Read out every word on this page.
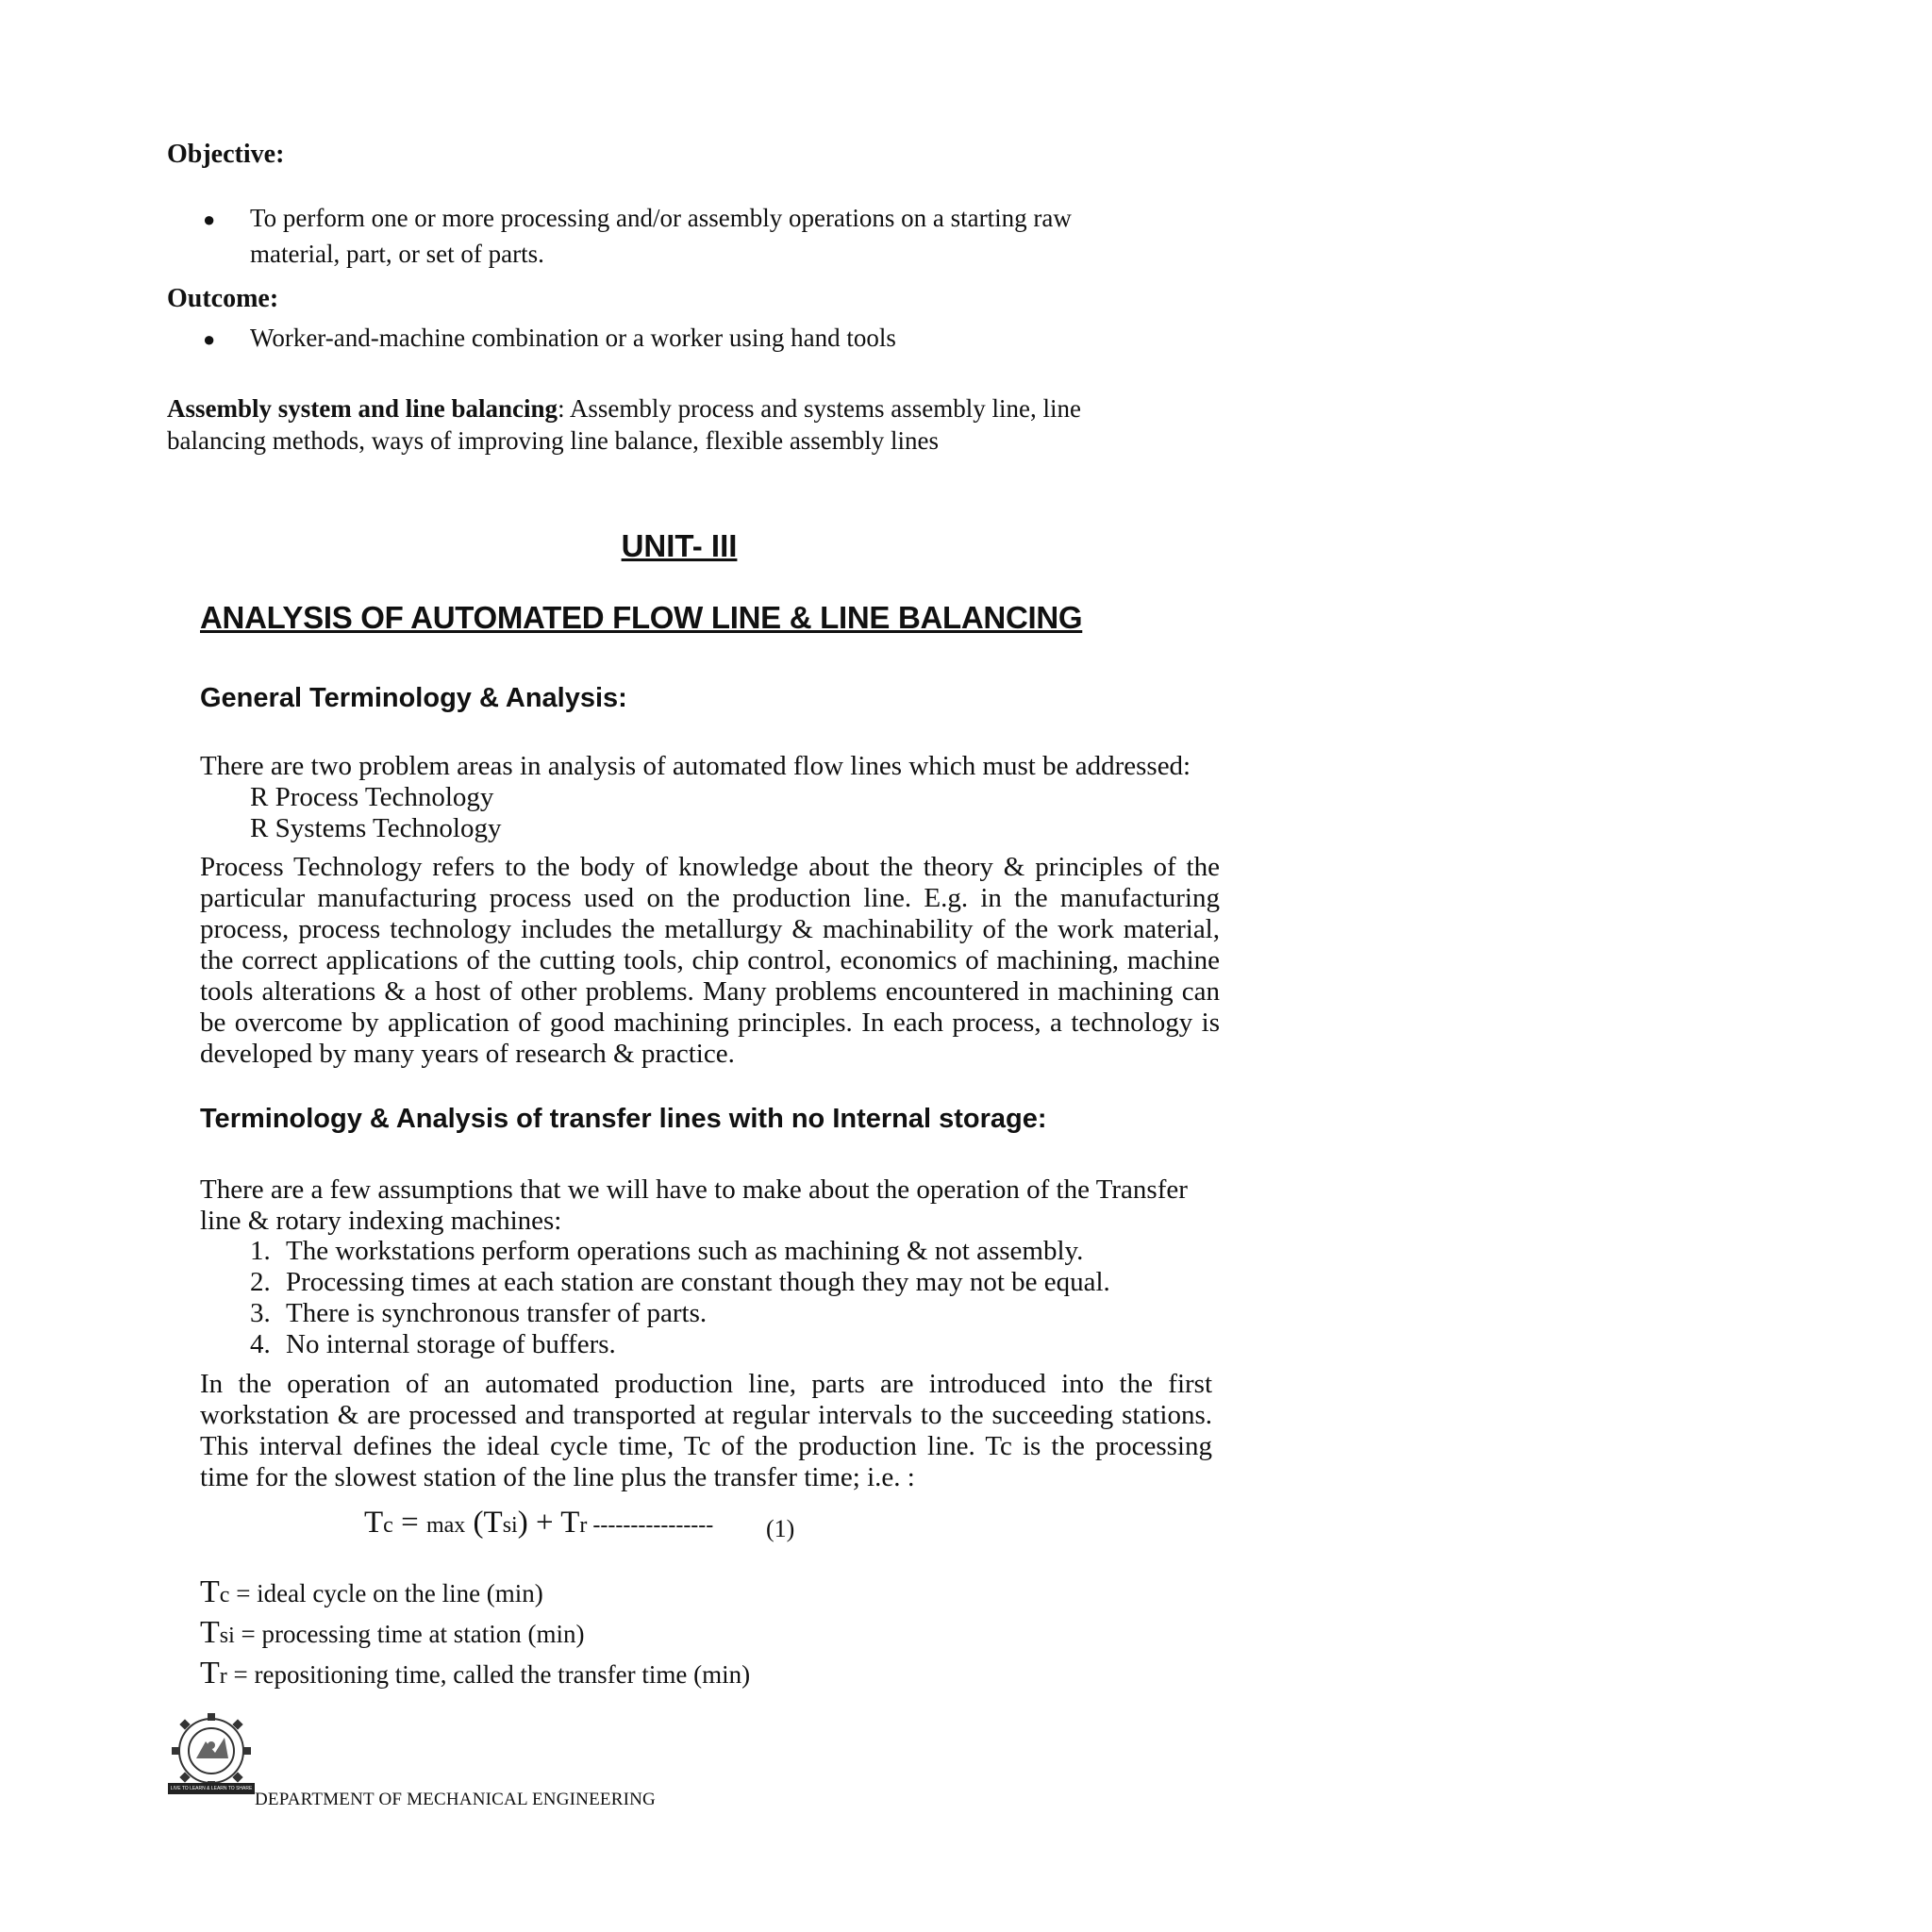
Objective:
●	To perform one or more processing and/or assembly operations on a starting raw
material, part, or set of parts.
Outcome:
●	Worker-and-machine combination or a worker using hand tools
Assembly system and line balancing: Assembly process and systems assembly line, line
balancing methods, ways of improving line balance, flexible assembly lines
UNIT- III
ANALYSIS OF AUTOMATED FLOW LINE & LINE BALANCING
General Terminology & Analysis:
There are two problem areas in analysis of automated flow lines which must be addressed:
R Process Technology
R Systems Technology
Process Technology refers to the body of knowledge about the theory & principles of the particular manufacturing process used on the production line. E.g. in the manufacturing process, process technology includes the metallurgy & machinability of the work material, the correct applications of the cutting tools, chip control, economics of machining, machine tools alterations & a host of other problems. Many problems encountered in machining can be overcome by application of good machining principles. In each process, a technology is developed by many years of research & practice.
Terminology & Analysis of transfer lines with no Internal storage:
There are a few assumptions that we will have to make about the operation of the Transfer
line & rotary indexing machines:
1. The workstations perform operations such as machining & not assembly.
2. Processing times at each station are constant though they may not be equal.
3. There is synchronous transfer of parts.
4. No internal storage of buffers.
In the operation of an automated production line, parts are introduced into the first workstation & are processed and transported at regular intervals to the succeeding stations. This interval defines the ideal cycle time, Tc of the production line. Tc is the processing time for the slowest station of the line plus the transfer time; i.e. :
Tc = max (Tsi) + Tr ---------------- (1)
Tc = ideal cycle on the line (min)
Tsi = processing time at station (min)
Tr = repositioning time, called the transfer time (min)
LIVE TO LEARN & LEARN TO SHARE
DEPARTMENT OF MECHANICAL ENGINEERING
